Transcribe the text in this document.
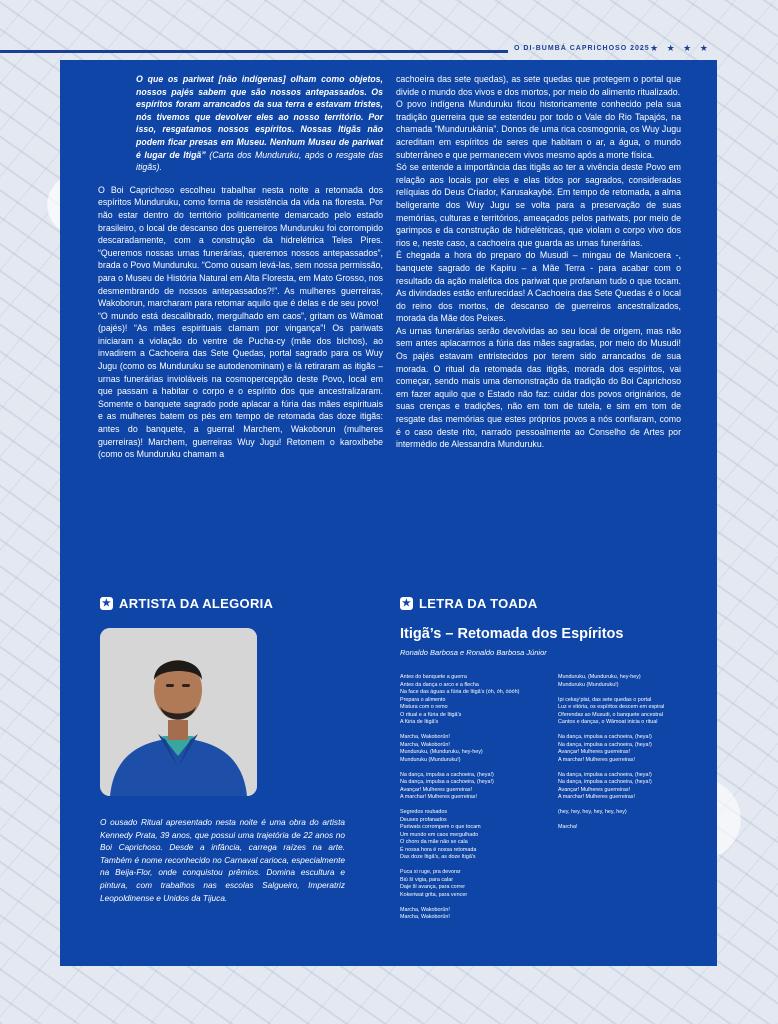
O DI-BUMBÁ CAPRICHOSO 2025 ★ ★ ★ ★
O que os pariwat [não indígenas] olham como objetos, nossos pajés sabem que são nossos antepassados. Os espíritos foram arrancados da sua terra e estavam tristes, nós tivemos que devolver eles ao nosso território. Por isso, resgatamos nossos espíritos. Nossas Itigãs não podem ficar presas em Museu. Nenhum Museu de pariwat é lugar de Itigã” (Carta dos Munduruku, após o resgate das itigãs).

O Boi Caprichoso escolheu trabalhar nesta noite a retomada dos espíritos Munduruku, como forma de resistência da vida na floresta. Por não estar dentro do território politicamente demarcado pelo estado brasileiro, o local de descanso dos guerreiros Munduruku foi corrompido descaradamente, com a construção da hidrelétrica Teles Pires. “Queremos nossas urnas funerárias, queremos nossos antepassados”, brada o Povo Munduruku. “Como ousam levá-las, sem nossa permissão, para o Museu de História Natural em Alta Floresta, em Mato Grosso, nos desmembrando de nossos antepassados?!”. As mulheres guerreiras, Wakoborun, marcharam para retomar aquilo que é delas e de seu povo!

“O mundo está descalibrado, mergulhado em caos”, gritam os Wãmoat (pajés)! “As mães espirituais clamam por vingança”! Os pariwats iniciaram a violação do ventre de Pucha-cy (mãe dos bichos), ao invadirem a Cachoeira das Sete Quedas, portal sagrado para os Wuy Jugu (como os Munduruku se autodenominam) e lá retiraram as itigãs – urnas funerárias invioláveis na cosmopercepção deste Povo, local em que passam a habitar o corpo e o espírito dos que ancestralizaram. Somente o banquete sagrado pode aplacar a fúria das mães espirituais e as mulheres batem os pés em tempo de retomada das doze itigãs: antes do banquete, a guerra! Marchem, Wakoborun (mulheres guerreiras)! Marchem, guerreiras Wuy Jugu! Retomem o karoxibebe (como os Munduruku chamam a

cachoeira das sete quedas), as sete quedas que protegem o portal que divide o mundo dos vivos e dos mortos, por meio do alimento ritualizado.

O povo indígena Munduruku ficou historicamente conhecido pela sua tradição guerreira que se estendeu por todo o Vale do Rio Tapajós, na chamada “Mundurukânia”. Donos de uma rica cosmogonia, os Wuy Jugu acreditam em espíritos de seres que habitam o ar, a água, o mundo subterrâneo e que permanecem vivos mesmo após a morte física.

Só se entende a importância das itigãs ao ter a vivência deste Povo em relação aos locais por eles e elas tidos por sagrados, consideradas relíquias do Deus Criador, Karusakaybé. Em tempo de retomada, a alma beligerante dos Wuy Jugu se volta para a preservação de suas memórias, culturas e territórios, ameaçados pelos pariwats, por meio de garimpos e da construção de hidrelétricas, que violam o corpo vivo dos rios e, neste caso, a cachoeira que guarda as urnas funerárias.

É chegada a hora do preparo do Musudi – mingau de Manicoera -, banquete sagrado de Kapiru – a Mãe Terra - para acabar com o resultado da ação maléfica dos pariwat que profanam tudo o que tocam. As divindades estão enfurecidas! A Cachoeira das Sete Quedas é o local do reino dos mortos, de descanso de guerreiros ancestralizados, morada da Mãe dos Peixes.

As urnas funerárias serão devolvidas ao seu local de origem, mas não sem antes aplacarmos a fúria das mães sagradas, por meio do Musudi! Os pajés estavam entristecidos por terem sido arrancados de sua morada. O ritual da retomada das itigãs, morada dos espíritos, vai começar, sendo mais uma demonstração da tradição do Boi Caprichoso em fazer aquilo que o Estado não faz: cuidar dos povos originários, de suas crenças e tradições, não em tom de tutela, e sim em tom de resgate das memórias que estes próprios povos a nós confiaram, como é o caso deste rito, narrado pessoalmente ao Conselho de Artes por intermédio de Alessandra Munduruku.

★ ARTISTA DA ALEGORIA
O ousado Ritual apresentado nesta noite é uma obra do artista Kennedy Prata, 39 anos, que possui uma trajetória de 22 anos no Boi Caprichoso. Desde a infância, carrega raízes na arte. Também é nome reconhecido no Carnaval carioca, especialmente na Beija-Flor, onde conquistou prêmios. Domina escultura e pintura, com trabalhos nas escolas Salgueiro, Imperatriz Leopoldinense e Unidos da Tijuca.
★ LETRA DA TOADA
Itigã’s – Retomada dos Espíritos
Ronaldo Barbosa e Ronaldo Barbosa Júnior
Antes do banquete a guerra
Antes da dança o arco e a flecha
Na face das águas a fúria de Itigã’s (óh, óh, óóóh)
Prepara o alimento
Mistura com o remo
O ritual e a fúria de Itigã’s
A fúria de Itigã’s
Marcha, Wakoborûn!
Marcha, Wakoborûn!
Munduruku, (Munduruku, hey-hey)
Munduruku (Munduruku!)
Na dança, impulsa a cachoeira, (heya!)
Na dança, impulsa a cachoeira, (heya!)
Avançar! Mulheres guerreiras!
A marchar! Mulheres guerreiras!
Segredos roubados
Deuses profanados
Pariwats corrompem o que tocam
Um mundo em caos mergulhado
O choro da mãe não se cala
É nossa hora é nossa retomada
Das doze Itigã’s, as doze Itigã’s
Puca xi ruge, pra devorar
Biú ší vigia, para calar
Daje ší avança, para correr
Kokeriwat grita, para vencer
Marcha, Wakoborûn!
Marcha, Wakoborûn!
Munduruku, (Munduruku, hey-hey)
Munduruku (Munduruku!)
Ipi cekay’plat, das sete quedas o portal
Luz e vitória, os espíritos descem em espiral
Oferendas ao Musudi, o banquete ancestral
Cantos e danças, o Wãmoat inicia o ritual
Na dança, impulsa a cachoeira, (heya!)
Na dança, impulsa a cachoeira, (heya!)
Avançar! Mulheres guerreiras!
A marchar! Mulheres guerreiras!
Na dança, impulsa a cachoeira, (heya!)
Na dança, impulsa a cachoeira, (heya!)
Avançar! Mulheres guerreiras!
A marchar! Mulheres guerreiras!
(hey, hey, hey, hey, hey, hey)
Marcha!
